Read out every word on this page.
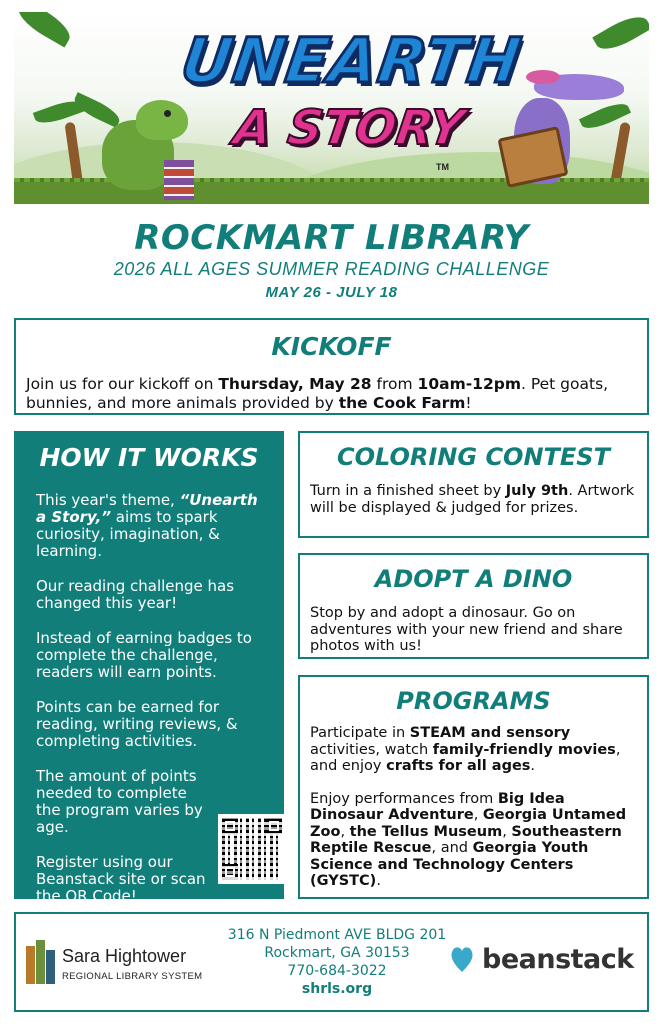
UNEARTH
A STORY
TM
ROCKMART LIBRARY
2026 ALL AGES SUMMER READING CHALLENGE
MAY 26 - JULY 18
KICKOFF

Join us for our kickoff on Thursday, May 28 from 10am-12pm. Pet goats, bunnies, and more animals provided by the Cook Farm!

HOW IT WORKS

This year's theme, “Unearth a Story,” aims to spark curiosity, imagination, & learning.

Our reading challenge has changed this year!

Instead of earning badges to complete the challenge, readers will earn points.

Points can be earned for reading, writing reviews, & completing activities.

The amount of points needed to complete the program varies by age.

Register using our Beanstack site or scan the QR Code!

COLORING CONTEST

Turn in a finished sheet by July 9th. Artwork will be displayed & judged for prizes.

ADOPT A DINO

Stop by and adopt a dinosaur. Go on adventures with your new friend and share photos with us!

PROGRAMS

Participate in STEAM and sensory activities, watch family-friendly movies, and enjoy crafts for all ages.

Enjoy performances from Big Idea Dinosaur Adventure, Georgia Untamed Zoo, the Tellus Museum, Southeastern Reptile Rescue, and Georgia Youth Science and Technology Centers (GYSTC).

Sara Hightower
REGIONAL LIBRARY SYSTEM
316 N Piedmont AVE BLDG 201
Rockmart, GA 30153
770-684-3022
shrls.org
beanstack
